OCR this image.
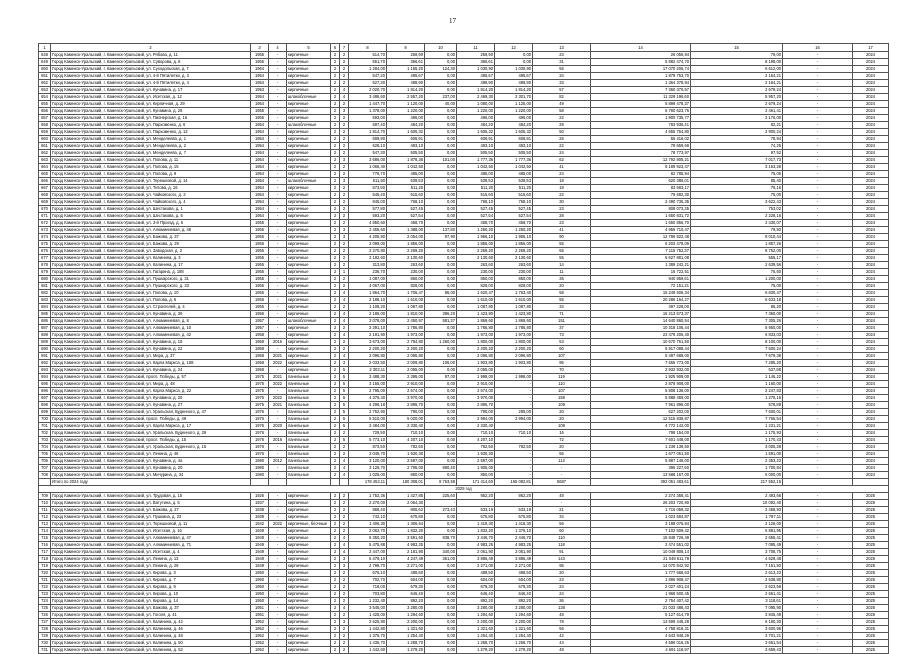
17
1	2	3	4	5	6	7	8	9	10	11	12	13	14	15	16	17
648	Город Каменск-Уральский, г. Каменск-Уральский, ул. Рябова, д. 11	1955	-	кирпичные	2	2	514,70	259,90	0,00	259,90	0,00	23	26 056,94	79,00	-	2024
649	Город Каменск-Уральский, г. Каменск-Уральский, ул. Суворова, д. 8	1955	-	кирпичные	2	2	551,70	366,61	0,00	366,61	0,00	31	5 882 474,70	8 198,00	-	2024
650	Город Каменск-Уральский, г. Каменск-Уральский, ул. Суходольская, д. 7	1964	-	кирпичные	2	2	1 284,00	1 155,20	124,30	1 030,90	1 030,90	55	17 070 206,74	6 612,00	-	2024
651	Город Каменск-Уральский, г. Каменск-Уральский, ул. 4-й Пятилетки, д. 3	1954	-	кирпичные	2	2	547,20	495,67	0,00	495,67	495,67	34	1 879 753,70	2 164,21	-	2024
652	Город Каменск-Уральский, г. Каменск-Уральский, ул. 4-й Пятилетки, д. 4	1954	-	кирпичные	2	2	527,30	498,90	0,00	498,90	498,90	33	1 364 378,94	2 164,21	-	2024
653	Город Каменск-Уральский, г. Каменск-Уральский, ул. Кунавина, д. 17	1953	-	кирпичные	2	4	2 020,70	1 814,20	0,00	1 814,20	1 814,20	57	7 360 370,57	2 679,24	-	2024
654	Город Каменск-Уральский, г. Каменск-Уральский, ул. Исетская, д. 12	1954	-	шлакоблочные	2	4	3 486,60	2 557,20	237,00	2 469,30	2 301,70	82	11 329 196,60	5 957,20	-	2024
655	Город Каменск-Уральский, г. Каменск-Уральский, ул. Кирпичная, д. 29	1954	-	кирпичные	2	2	1 447,70	1 120,00	40,00	1 080,00	1 125,00	49	5 899 478,37	2 679,24	-	2024
656	Город Каменск-Уральский, г. Каменск-Уральский, ул. Кунавина, д. 28	1955	-	кирпичные	2	3	1 378,00	1 220,00	0,00	1 220,00	1 220,00	58	6 760 623,76	2 461,41	-	2024
657	Город Каменск-Уральский, г. Каменск-Уральский, ул. Пионерская, д. 16	1955	-	кирпичные	2	2	593,00	496,00	0,00	496,00	496,00	22	1 900 735,77	2 176,00	-	2024
658	Город Каменск-Уральский, г. Каменск-Уральский, ул. Пархоменко, д. 6	1954	-	шлакоблочные	2	2	597,40	484,20	0,00	484,20	484,20	28	783 936,41	82,21	-	2024
659	Город Каменск-Уральский, г. Каменск-Уральский, ул. Пархоменко, д. 13	1954	-	кирпичные	2	2	1 814,70	1 605,32	0,00	1 605,32	1 605,32	50	4 655 764,80	2 900,24	-	2024
660	Город Каменск-Уральский, г. Каменск-Уральский, ул. Менделеева, д. 1	1954	-	кирпичные	2	2	689,90	606,91	0,00	606,91	606,91	25	56 416,02	78,94	-	2024
661	Город Каменск-Уральский, г. Каменск-Уральский, ул. Менделеева, д. 2	1954	-	кирпичные	2	2	528,10	493,10	0,00	493,10	493,10	22	78 659,68	74,25	-	2024
662	Город Каменск-Уральский, г. Каменск-Уральский, ул. Менделеева, д. 7	1954	-	кирпичные	2	2	547,30	505,50	0,00	505,50	505,50	24	78 773,97	97,52	-	2024
663	Город Каменск-Уральский, г. Каменск-Уральский, ул. Попова, д. 11	1954	-	кирпичные	2	3	3 686,00	1 878,36	101,00	1 777,36	1 777,36	62	12 792 805,21	7 017,73	-	2024
664	Город Каменск-Уральский, г. Каменск-Уральский, ул. Попова, д. 15	1954	-	кирпичные	2	2	1 065,40	1 042,50	0,00	1 042,50	1 042,50	41	5 189 923,47	3 163,28	-	2024
665	Город Каменск-Уральский, г. Каменск-Уральский, ул. Попова, д. 9	1954	-	кирпичные	2	2	776,70	485,00	0,00	485,00	485,00	24	82 785,94	75,06	-	2024
666	Город Каменск-Уральский, г. Каменск-Уральский, ул. Терешковой, д. 14	1954	-	шлакоблочные	2	3	611,50	539,53	0,00	539,53	539,53	18	620 386,01	85,40	-	2024
667	Город Каменск-Уральский, г. Каменск-Уральский, ул. Титова, д. 16	1954	-	кирпичные	2	2	573,50	511,20	0,00	511,20	511,20	19	83 583,17	79,16	-	2024
668	Город Каменск-Уральский, г. Каменск-Уральский, ул. Чайковского, д. 3	1954	-	кирпичные	2	2	545,40	515,60	0,00	515,60	515,60	22	79 682,30	75,00	-	2024
669	Город Каменск-Уральский, г. Каменск-Уральский, ул. Чайковского, д. 4	1954	-	кирпичные	2	2	845,00	768,10	0,00	768,10	768,10	30	2 490 736,35	3 622,43	-	2024
670	Город Каменск-Уральский, г. Каменск-Уральский, ул. Шестакова, д. 1	1954	-	кирпичные	2	2	577,80	527,45	0,00	527,45	527,45	23	808 073,35	753,02	-	2024
671	Город Каменск-Уральский, г. Каменск-Уральский, ул. Шестакова, д. 5	1954	-	кирпичные	2	2	593,20	527,54	0,00	527,54	527,54	28	1 650 831,72	2 228,16	-	2024
672	Город Каменск-Уральский, г. Каменск-Уральский, ул. 3-й Проезд, д. 6	1955	-	кирпичные	2	2	4 850,60	458,70	0,00	458,70	458,70	23	1 650 856,70	2 430,07	-	2024
673	Город Каменск-Уральский, г. Каменск-Уральский, ул. Алюминиевая, д. 48	1955	-	кирпичные	2	3	2 455,60	1 388,00	137,80	1 250,20	1 250,20	41	4 956 710,47	79,50	-	2024
674	Город Каменск-Уральский, г. Каменск-Уральский, ул. Бажова, д. 37	1955	-	кирпичные	2	3	4 205,90	2 054,00	97,90	1 956,10	1 956,10	90	12 786 822,48	8 010,44	-	2024
675	Город Каменск-Уральский, г. Каменск-Уральский, ул. Бажова, д. 29	1955	-	кирпичные	2	2	2 099,00	1 856,00	0,00	1 856,00	1 856,00	55	6 203 478,09	1 857,26	-	2024
676	Город Каменск-Уральский, г. Каменск-Уральский, ул. Заводская, д. 2	1955	-	кирпичные	2	2	2 270,80	2 269,20	0,00	2 269,20	2 269,20	55	7 115 752,37	8 752,00	-	2024
677	Город Каменск-Уральский, г. Каменск-Уральский, ул. Калинина, д. 3	1955	-	кирпичные	2	2	2 182,60	2 130,60	0,00	2 130,60	2 130,60	55	5 627 881,08	555,17	-	2024
678	Город Каменск-Уральский, г. Каменск-Уральский, ул. Калинина, д. 17	1955	-	кирпичные	2	2	313,80	263,60	0,00	263,60	263,60	14	1 389 242,21	2 639,56	-	2024
679	Город Каменск-Уральский, г. Каменск-Уральский, ул. Гагарина, д. 188	1955	-	кирпичные	2	1	236,70	230,00	0,00	230,00	230,00	11	16 722,51	75,60	-	2024
680	Город Каменск-Уральский, г. Каменск-Уральский, ул. Пушкарского, д. 31	1955	-	кирпичные	2	2	1 087,00	850,00	0,00	850,00	850,00	35	940 859,61	1 200,00	-	2024
681	Город Каменск-Уральский, г. Каменск-Уральский, ул. Пушкарского, д. 33	1955	-	кирпичные	2	2	4 067,00	828,00	0,00	828,00	828,00	20	72 151,21	75,00	-	2024
682	Город Каменск-Уральский, г. Каменск-Уральский, ул. Попова, д. 10	1955	-	кирпичные	2	4	1 864,70	1 706,47	86,00	1 620,47	1 763,40	58	15 249 506,34	6 830,47	-	2024
683	Город Каменск-Уральский, г. Каменск-Уральский, ул. Попова, д. 6	1955	-	кирпичные	2	4	2 188,10	1 610,00	0,00	1 610,00	1 610,00	55	20 286 164,27	6 633,18	-	2024
684	Город Каменск-Уральский, г. Каменск-Уральский, ул. Строителей, д. 4	1955	-	кирпичные	2	2	1 109,20	1 087,80	0,00	1 087,80	1 087,80	34	497 228,00	86,20	-	2024
685	Город Каменск-Уральский, г. Каменск-Уральский, ул. Кунавина, д. 36	1956	-	кирпичные	2	4	2 186,00	1 810,00	386,20	1 423,80	1 423,80	71	15 213 573,37	7 360,00	-	2024
686	Город Каменск-Уральский, г. Каменск-Уральский, ул. Алюминиевая, д. 8	1957	-	шлакоблочные	2	4	3 078,00	2 450,97	581,37	1 869,60	1 869,60	151	14 640 860,54	7 305,26	-	2024
687	Город Каменск-Уральский, г. Каменск-Уральский, ул. Алюминиевая, д. 10	1957	-	кирпичные	2	2	2 391,10	1 786,80	0,00	1 786,80	1 786,80	37	10 318 106,44	5 950,00	-	2024
688	Город Каменск-Уральский, г. Каменск-Уральский, ул. Алюминиевая, д. 42	1958	-	кирпичные	2	4	2 191,90	1 973,00	0,00	1 973,00	1 973,00	73	23 479 206,40	6 833,03	-	2024
689	Город Каменск-Уральский, г. Каменск-Уральский, ул. Кунавина, д. 18	1958	2016	кирпичные	2	2	3 673,00	2 784,80	1 260,00	1 800,00	1 800,00	53	10 670 761,50	8 100,00	-	2024
690	Город Каменск-Уральский, г. Каменск-Уральский, ул. Кунавина, д. 22	1958	-	кирпичные	2	2	2 200,20	2 200,20	0,00	2 200,20	2 200,20	60	5 917 088,44	7 500,24	-	2024
691	Город Каменск-Уральский, г. Каменск-Уральский, ул. Мира, д. 37	1958	2021	кирпичные	2	4	2 096,80	2 096,80	0,00	2 096,80	2 096,80	107	5 497 688,00	7 679,38	-	2024
692	Город Каменск-Уральский, г. Каменск-Уральский, ул. Карла Маркса, д. 108	1958	2022	кирпичные	2	3	2 033,50	2 009,80	106,00	1 903,80	1 903,80	95	7 655 773,00	7 285,20	-	2024
693	Город Каменск-Уральский, г. Каменск-Уральский, ул. Кунавина, д. 24	1958	-	кирпичные	2	5	2 303,11	2 055,00	0,00	2 055,00	-	70	2 932 932,00	537,88	-	2024
694	Город Каменск-Уральский, г. Каменск-Уральский, просп. Победы, д. 57	1975	2021	панельные	2	5	3 488,30	2 395,00	97,00	1 998,00	1 998,00	119	1 925 909,00	1 146,22	-	2024
695	Город Каменск-Уральский, г. Каменск-Уральский, ул. Мира, д. 48	1975	2022	панельные	2	5	3 155,00	2 910,00	0,00	2 910,00	-	110	2 878 908,00	1 160,00	-	2024
696	Город Каменск-Уральский, г. Каменск-Уральский, ул. Карла Маркса, д. 22	1975	-	панельные	2	5	2 795,00	2 674,00	0,00	2 674,00	-	107	5 808 136,00	2 247,83	-	2024
697	Город Каменск-Уральский, г. Каменск-Уральский, ул. Кунавина, д. 26	1975	2022	панельные	2	5	4 376,40	3 970,00	0,00	3 970,00	-	158	5 888 459,00	1 275,16	-	2024
698	Город Каменск-Уральский, г. Каменск-Уральский, ул. Кунавина, д. 27	1975	2021	панельные	2	5	4 296,18	2 895,70	0,00	2 895,70	-	109	7 961 896,00	578,89	-	2024
699	Город Каменск-Уральский, г. Каменск-Уральский, ул. Уральская, Буденного, д. 47	1976	-	панельные	2	5	2 752,90	790,00	0,00	790,00	285,00	20	627 202,00	7 600,01	-	2024
700	Город Каменск-Уральский, г. Каменск-Уральский, просп. Победы, д. 49	1976	-	панельные	2	5	5 510,00	5 020,00	0,00	2 994,00	2 994,00	20	12 515 839,87	7 765,54	-	2024
701	Город Каменск-Уральский, г. Каменск-Уральский, ул. Карла Маркса, д. 17	1976	2020	панельные	2	5	2 484,00	2 330,40	0,00	2 330,40	-	109	4 772 142,00	1 231,21	-	2024
702	Город Каменск-Уральский, г. Каменск-Уральский, ул. Уральская, Буденного, д. 29	1976	-	панельные	2	2	729,50	710,10	0,00	710,10	710,10	16	798 154,00	1 175,93	-	2024
703	Город Каменск-Уральский, г. Каменск-Уральский, просп. Победы, д. 15	1976	2016	панельные	2	5	5 773,10	4 207,10	0,00	4 207,10	-	72	7 601 448,00	1 170,43	-	2024
704	Город Каменск-Уральский, г. Каменск-Уральский, ул. Уральская, Буденного, д. 16	1976	-	панельные	2	2	873,50	782,50	0,00	782,50	782,50	20	1 239 139,50	3 005,28	-	2024
705	Город Каменск-Уральский, г. Каменск-Уральский, ул. Ленина, д. 46	1976	-	панельные	2	2	2 046,70	1 930,30	0,00	1 930,30	-	56	1 677 051,50	1 591,00	-	2024
706	Город Каменск-Уральский, г. Каменск-Уральский, ул. Кунавина, д. 4а	1980	2012	панельные	2	4	3 120,00	2 597,00	0,00	2 597,00	-	113	5 887 146,00	2 353,23	-	2024
707	Город Каменск-Уральский, г. Каменск-Уральский, ул. Кунавина, д. 20	1980	-	панельные	2	4	3 126,70	2 795,00	890,40	1 905,00	-	-	396 227,60	1 700,84	-	2024
708	Город Каменск-Уральский, г. Каменск-Уральский, ул. Мичурина, д. 34	1980	-	панельные	2	4	1 025,00	850,00	0,00	850,00	-	-	13 588 167,00	5 000,00	-	2024
	Итого по 2024 году						178 453,11	180 308,01	8 763,59	171 414,60	165 082,81	5687	392 051 483,61	217 552,15		
2025 год																
709	Город Каменск-Уральский, г. Каменск-Уральский, ул. Трудовая, д. 15	1926	-	кирпичные	2	2	1 752,36	1 427,85	225,60	952,20	952,20	48	2 274 358,41	2 493,66	-	2025
710	Город Каменск-Уральский, г. Каменск-Уральский, ул. Ватутина, д. 5	1937	-	кирпичные	2	2	2 270,00	2 064,30	-	-	-	-	26 203 720,80	10 092,40	-	2025
711	Город Каменск-Уральский, г. Каменск-Уральский, ул. Бажова, д. 27	1938	-	кирпичные	2	2	868,40	806,62	273,43	533,19	533,19	21	1 716 058,32	2 458,93	-	2025
712	Город Каменск-Уральский, г. Каменск-Уральский, ул. Пушкина, д. 23	1939	-	кирпичные	2	2	742,10	675,80	0,00	675,80	675,80	34	1 023 684,87	1 787,11	-	2025
713	Город Каменск-Уральский, г. Каменск-Уральский, ул. Терешковой, д. 11	1942	2022	кирпичные, блочные	2	2	1 406,30	1 306,64	0,00	1 418,30	1 418,30	56	3 198 075,84	2 126,00	-	2025
714	Город Каменск-Уральский, г. Каменск-Уральский, ул. Исетская, д. 16	1949	-	кирпичные	2	2	2 062,70	1 832,20	0,00	1 832,20	1 376,10	60	7 102 509,42	5 881,95	-	2025
715	Город Каменск-Уральский, г. Каменск-Уральский, ул. Алюминиевая, д. 47	1949	-	кирпичные	2	4	6 350,20	3 591,60	838,70	2 446,70	2 446,70	110	15 848 726,49	2 655,41	-	2025
716	Город Каменск-Уральский, г. Каменск-Уральский, ул. Алюминиевая, д. 71	1949	-	кирпичные	2	4	5 475,88	4 983,25	0,00	4 983,25	4 983,25	118	2 474 551,02	7 095,49	-	2025
717	Город Каменск-Уральский, г. Каменск-Уральский, ул. Исетская, д. 4	1949	-	кирпичные	2	4	2 447,00	2 181,90	340,00	2 061,90	2 061,90	91	10 049 808,14	3 708,75	-	2025
718	Город Каменск-Уральский, г. Каменск-Уральский, ул. Ленина, д. 13	1949	-	кирпичные	2	3	5 479,10	4 247,49	361,00	3 886,49	3 886,49	143	21 048 611,78	4 629,48	-	2025
719	Город Каменск-Уральский, г. Каменск-Уральский, ул. Ленина, д. 29	1949	-	кирпичные	2	3	2 798,70	2 271,00	0,00	2 271,00	2 271,00	95	14 070 842,92	7 151,50	-	2025
720	Город Каменск-Уральский, г. Каменск-Уральский, ул. Кирова, д. 3	1950	-	кирпичные	2	2	676,10	488,50	0,00	488,50	488,50	20	1 777 668,63	2 613,23	-	2025
721	Город Каменск-Уральский, г. Каменск-Уральский, ул. Кирова, д. 7	1950	-	кирпичные	2	2	702,70	604,00	0,00	604,00	604,00	23	1 896 908,47	2 638,80	-	2025
722	Город Каменск-Уральский, г. Каменск-Уральский, ул. Кирова, д. 9	1950	-	кирпичные	2	2	718,00	679,30	0,00	679,30	679,30	24	2 027 401,24	2 623,59	-	2025
723	Город Каменск-Уральский, г. Каменск-Уральский, ул. Кирова, д. 10	1950	-	кирпичные	2	2	703,80	646,40	0,00	646,40	646,40	24	1 968 500,45	2 661,41	-	2025
724	Город Каменск-Уральский, г. Каменск-Уральский, ул. Кирова, д. 14	1950	-	кирпичные	2	2	1 232,40	892,20	0,00	892,20	892,20	36	2 754 407,42	3 118,61	-	2025
725	Город Каменск-Уральский, г. Каменск-Уральский, ул. Бажова, д. 37	1951	-	кирпичные	2	4	3 545,00	3 280,00	0,00	3 280,00	3 280,00	138	21 033 488,43	7 095,90	-	2025
726	Город Каменск-Уральский, г. Каменск-Уральский, ул. Гоголя, д. 41	1951	-	кирпичные	2	2	1 425,00	1 294,60	0,00	1 294,60	1 294,60	48	5 127 614,79	3 845,49	-	2025
727	Город Каменск-Уральский, г. Каменск-Уральский, ул. Калинина, д. 42	1952	-	кирпичные	2	3	2 625,90	2 200,00	0,00	2 200,00	2 200,00	78	13 599 448,28	6 180,30	-	2025
728	Город Каменск-Уральский, г. Каменск-Уральский, ул. Калинина, д. 46	1952	-	кирпичные	2	2	1 442,80	1 321,60	0,00	1 321,60	1 321,60	56	4 758 818,31	3 600,96	-	2025
729	Город Каменск-Уральский, г. Каменск-Уральский, ул. Калинина, д. 48	1952	-	кирпичные	2	2	1 376,70	1 254,40	0,00	1 254,40	1 254,40	42	4 643 948,29	3 701,21	-	2025
730	Город Каменск-Уральский, г. Каменск-Уральский, ул. Калинина, д. 50	1952	-	кирпичные	2	2	1 436,70	1 258,70	0,00	1 258,70	1 258,70	44	4 596 016,25	3 651,54	-	2025
731	Город Каменск-Уральский, г. Каменск-Уральский, ул. Калинина, д. 52	1952	-	кирпичные	2	2	1 442,60	1 279,20	0,00	1 279,20	1 279,20	48	4 681 118,97	3 659,43	-	2025
